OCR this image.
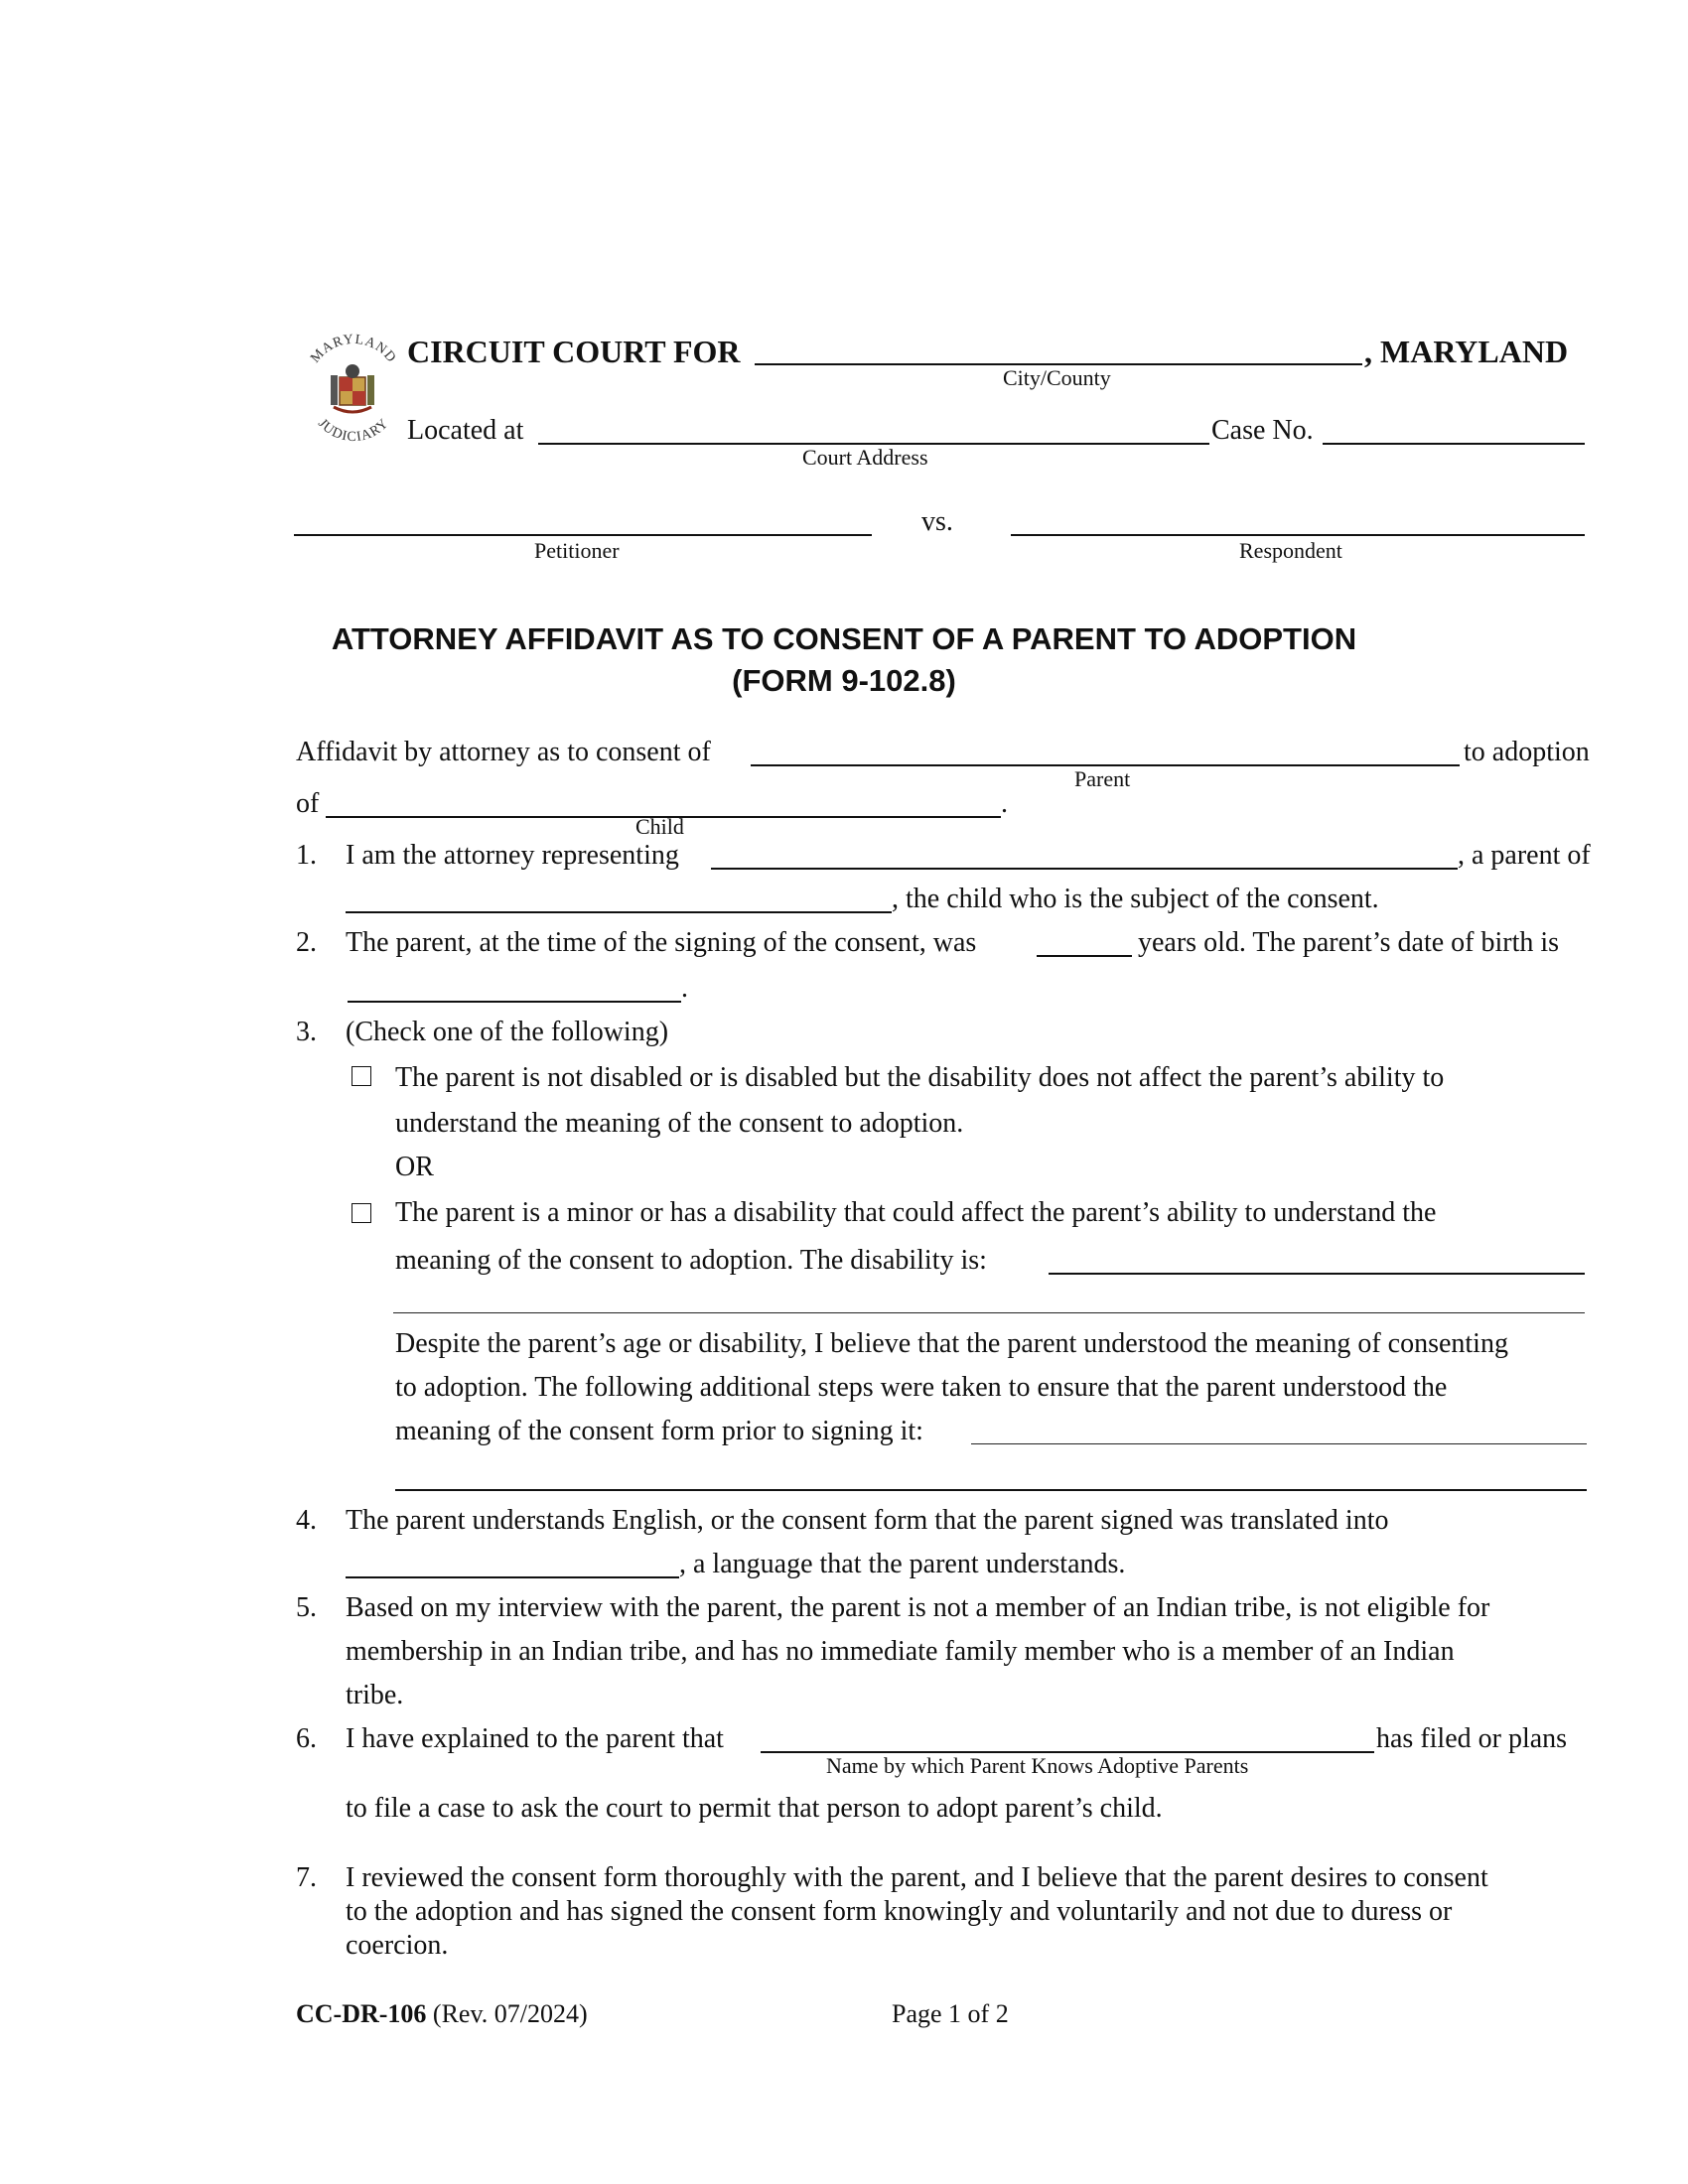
MARYLAND
JUDICIARY
CIRCUIT COURT FOR	, MARYLAND
City/County
Located at	Case No.
Court Address
vs.
Petitioner	Respondent
ATTORNEY AFFIDAVIT AS TO CONSENT OF A PARENT TO ADOPTION
(FORM 9-102.8)
Affidavit by attorney as to consent of	to adoption
Parent
of	.
Child
1. I am the attorney representing	, a parent of
, the child who is the subject of the consent.
2. The parent, at the time of the signing of the consent, was	years old. The parent’s date of birth is
.
3. (Check one of the following)
The parent is not disabled or is disabled but the disability does not affect the parent’s ability to
understand the meaning of the consent to adoption.
OR
The parent is a minor or has a disability that could affect the parent’s ability to understand the
meaning of the consent to adoption. The disability is:
Despite the parent’s age or disability, I believe that the parent understood the meaning of consenting
to adoption. The following additional steps were taken to ensure that the parent understood the
meaning of the consent form prior to signing it:
4. The parent understands English, or the consent form that the parent signed was translated into
, a language that the parent understands.
5. Based on my interview with the parent, the parent is not a member of an Indian tribe, is not eligible for
membership in an Indian tribe, and has no immediate family member who is a member of an Indian
tribe.
6. I have explained to the parent that	has filed or plans
Name by which Parent Knows Adoptive Parents
to file a case to ask the court to permit that person to adopt parent’s child.
7. I reviewed the consent form thoroughly with the parent, and I believe that the parent desires to consent
to the adoption and has signed the consent form knowingly and voluntarily and not due to duress or
coercion.
CC-DR-106 (Rev. 07/2024)	Page 1 of 2
